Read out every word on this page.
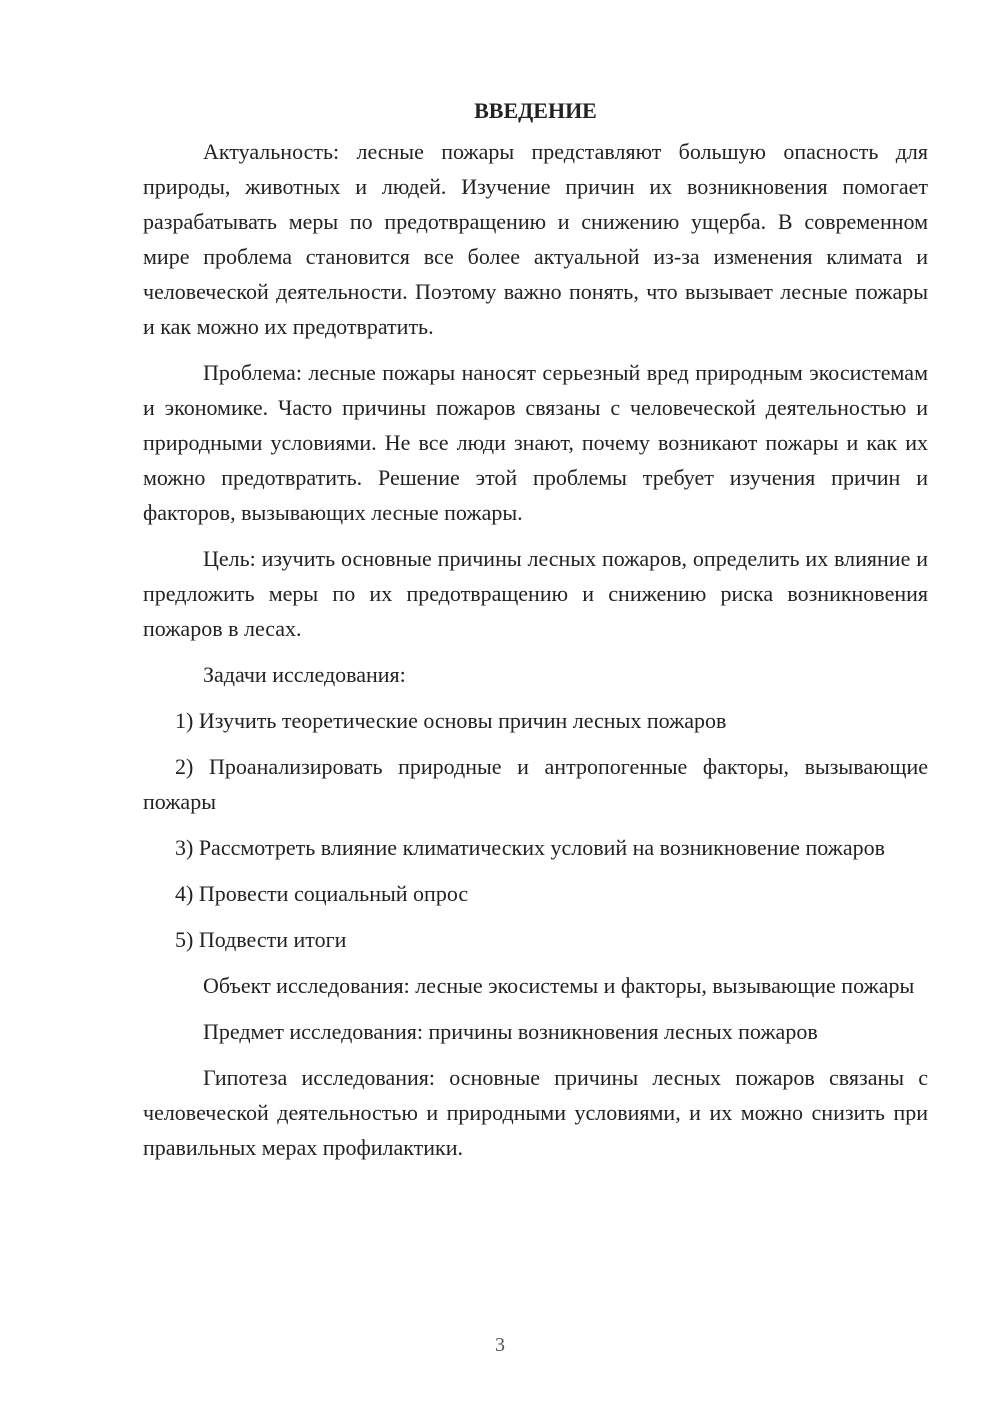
ВВЕДЕНИЕ

Актуальность: лесные пожары представляют большую опасность для природы, животных и людей. Изучение причин их возникновения помогает разрабатывать меры по предотвращению и снижению ущерба. В современном мире проблема становится все более актуальной из-за изменения климата и человеческой деятельности. Поэтому важно понять, что вызывает лесные пожары и как можно их предотвратить.

Проблема: лесные пожары наносят серьезный вред природным экосистемам и экономике. Часто причины пожаров связаны с человеческой деятельностью и природными условиями. Не все люди знают, почему возникают пожары и как их можно предотвратить. Решение этой проблемы требует изучения причин и факторов, вызывающих лесные пожары.

Цель: изучить основные причины лесных пожаров, определить их влияние и предложить меры по их предотвращению и снижению риска возникновения пожаров в лесах.

Задачи исследования:

1) Изучить теоретические основы причин лесных пожаров

2) Проанализировать природные и антропогенные факторы, вызывающие пожары

3) Рассмотреть влияние климатических условий на возникновение пожаров

4) Провести социальный опрос

5) Подвести итоги

Объект исследования: лесные экосистемы и факторы, вызывающие пожары

Предмет исследования: причины возникновения лесных пожаров

Гипотеза исследования: основные причины лесных пожаров связаны с человеческой деятельностью и природными условиями, и их можно снизить при правильных мерах профилактики.

3
